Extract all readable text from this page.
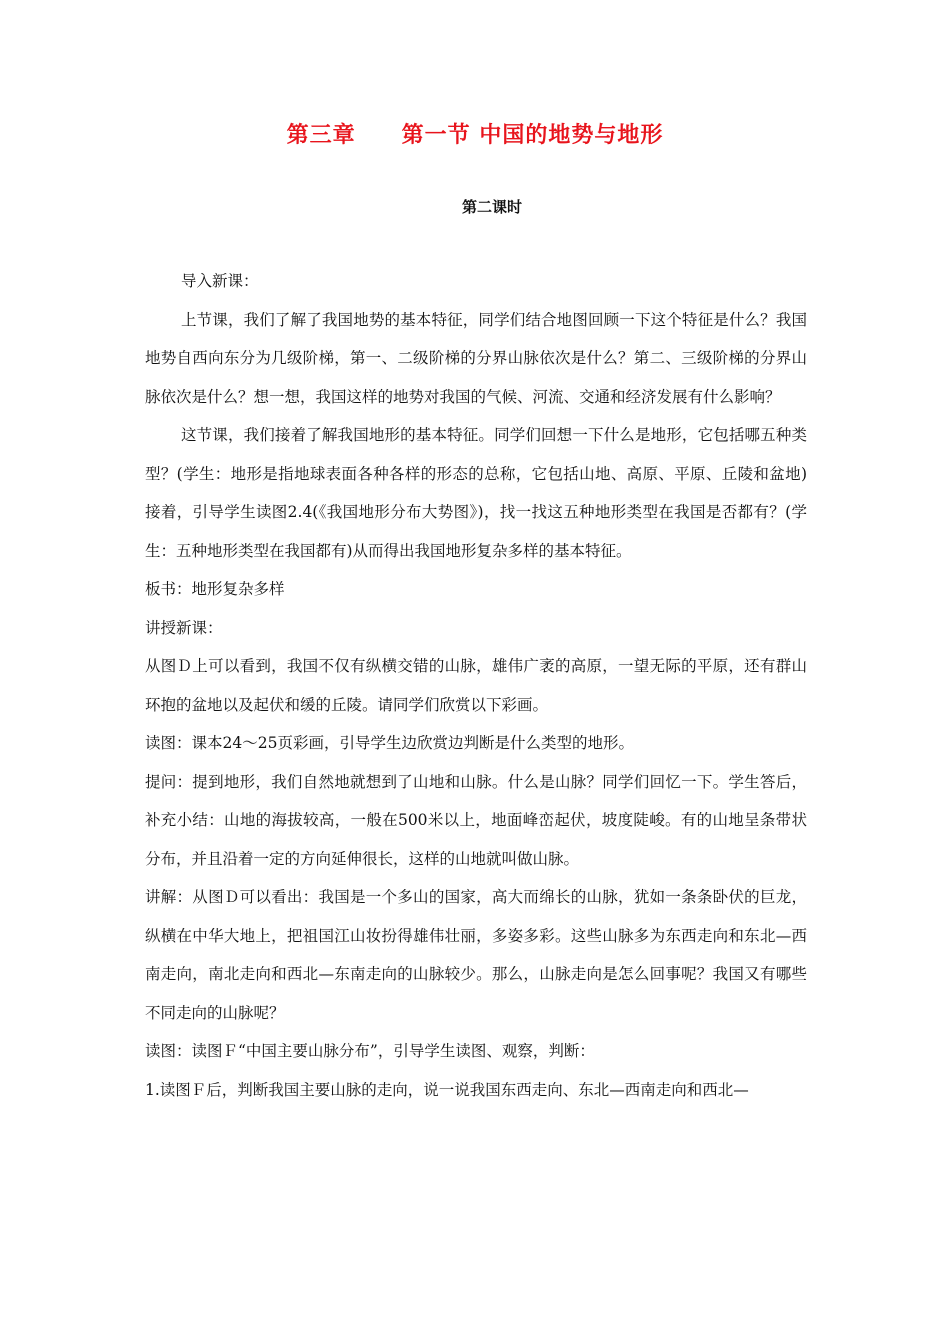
第三章　　第一节 中国的地势与地形
第二课时

导入新课：

上节课，我们了解了我国地势的基本特征，同学们结合地图回顾一下这个特征是什么？我国地势自西向东分为几级阶梯，第一、二级阶梯的分界山脉依次是什么？第二、三级阶梯的分界山脉依次是什么？想一想，我国这样的地势对我国的气候、河流、交通和经济发展有什么影响？

这节课，我们接着了解我国地形的基本特征。同学们回想一下什么是地形，它包括哪五种类型？(学生：地形是指地球表面各种各样的形态的总称，它包括山地、高原、平原、丘陵和盆地)接着，引导学生读图2.4(《我国地形分布大势图》)，找一找这五种地形类型在我国是否都有？(学生：五种地形类型在我国都有)从而得出我国地形复杂多样的基本特征。

板书：地形复杂多样

讲授新课：

从图Ｄ上可以看到，我国不仅有纵横交错的山脉，雄伟广袤的高原，一望无际的平原，还有群山环抱的盆地以及起伏和缓的丘陵。请同学们欣赏以下彩画。

读图：课本24～25页彩画，引导学生边欣赏边判断是什么类型的地形。

提问：提到地形，我们自然地就想到了山地和山脉。什么是山脉？同学们回忆一下。学生答后，补充小结：山地的海拔较高，一般在500米以上，地面峰峦起伏，坡度陡峻。有的山地呈条带状分布，并且沿着一定的方向延伸很长，这样的山地就叫做山脉。

讲解：从图Ｄ可以看出：我国是一个多山的国家，高大而绵长的山脉，犹如一条条卧伏的巨龙，纵横在中华大地上，把祖国江山妆扮得雄伟壮丽，多姿多彩。这些山脉多为东西走向和东北—西南走向，南北走向和西北—东南走向的山脉较少。那么，山脉走向是怎么回事呢？我国又有哪些不同走向的山脉呢？

读图：读图Ｆ“中国主要山脉分布”，引导学生读图、观察，判断：

1.读图Ｆ后，判断我国主要山脉的走向，说一说我国东西走向、东北—西南走向和西北—
